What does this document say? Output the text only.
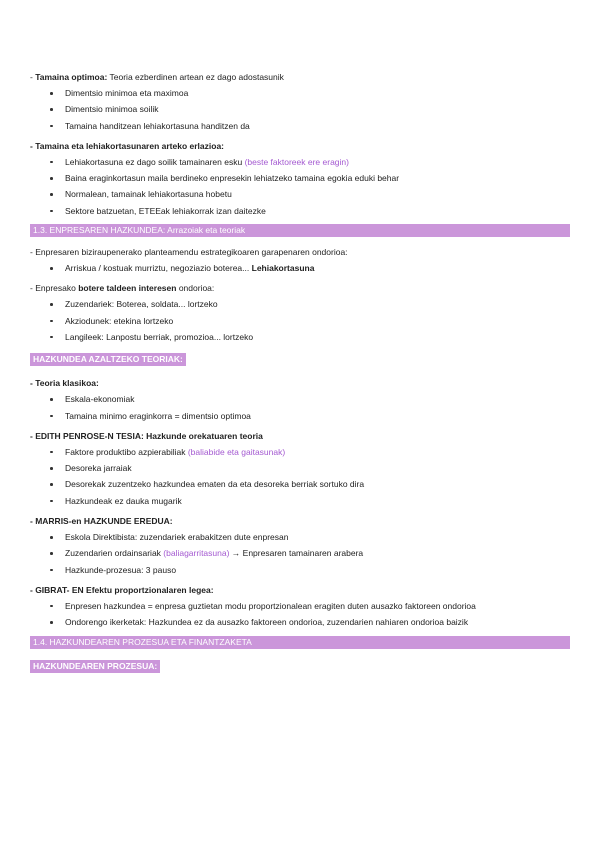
- Tamaina optimoa: Teoria ezberdinen artean ez dago adostasunik

Dimentsio minimoa eta maximoa
Dimentsio minimoa soilik
Tamaina handitzean lehiakortasuna handitzen da

- Tamaina eta lehiakortasunaren arteko erlazioa:

Lehiakortasuna ez dago soilik tamainaren esku (beste faktoreek ere eragin)
Baina eraginkortasun maila berdineko enpresekin lehiatzeko tamaina egokia eduki behar
Normalean, tamainak lehiakortasuna hobetu
Sektore batzuetan, ETEEak lehiakorrak izan daitezke
1.3. ENPRESAREN HAZKUNDEA: Arrazoiak eta teoriak

- Enpresaren biziraupenerako planteamendu estrategikoaren garapenaren ondorioa:

Arriskua / kostuak murriztu, negoziazio boterea... Lehiakortasuna

- Enpresako botere taldeen interesen ondorioa:

Zuzendariek: Boterea, soldata... lortzeko
Akziodunek: etekina lortzeko
Langileek: Lanpostu berriak, promozioa... lortzeko
HAZKUNDEA AZALTZEKO TEORIAK:

- Teoria klasikoa:

Eskala-ekonomiak
Tamaina minimo eraginkorra = dimentsio optimoa

- EDITH PENROSE-N TESIA: Hazkunde orekatuaren teoria

Faktore produktibo azpierabiliak (baliabide eta gaitasunak)
Desoreka jarraiak
Desorekak zuzentzeko hazkundea ematen da eta desoreka berriak sortuko dira
Hazkundeak ez dauka mugarik

- MARRIS-en HAZKUNDE EREDUA:

Eskola Direktibista: zuzendariek erabakitzen dute enpresan
Zuzendarien ordainsariak (baliagarritasuna) → Enpresaren tamainaren arabera
Hazkunde-prozesua: 3 pauso

- GIBRAT- EN Efektu proportzionalaren legea:

Enpresen hazkundea = enpresa guztietan modu proportzionalean eragiten duten ausazko faktoreen ondorioa
Ondorengo ikerketak: Hazkundea ez da ausazko faktoreen ondorioa, zuzendarien nahiaren ondorioa baizik
1.4. HAZKUNDEAREN PROZESUA ETA FINANTZAKETA
HAZKUNDEAREN PROZESUA:
